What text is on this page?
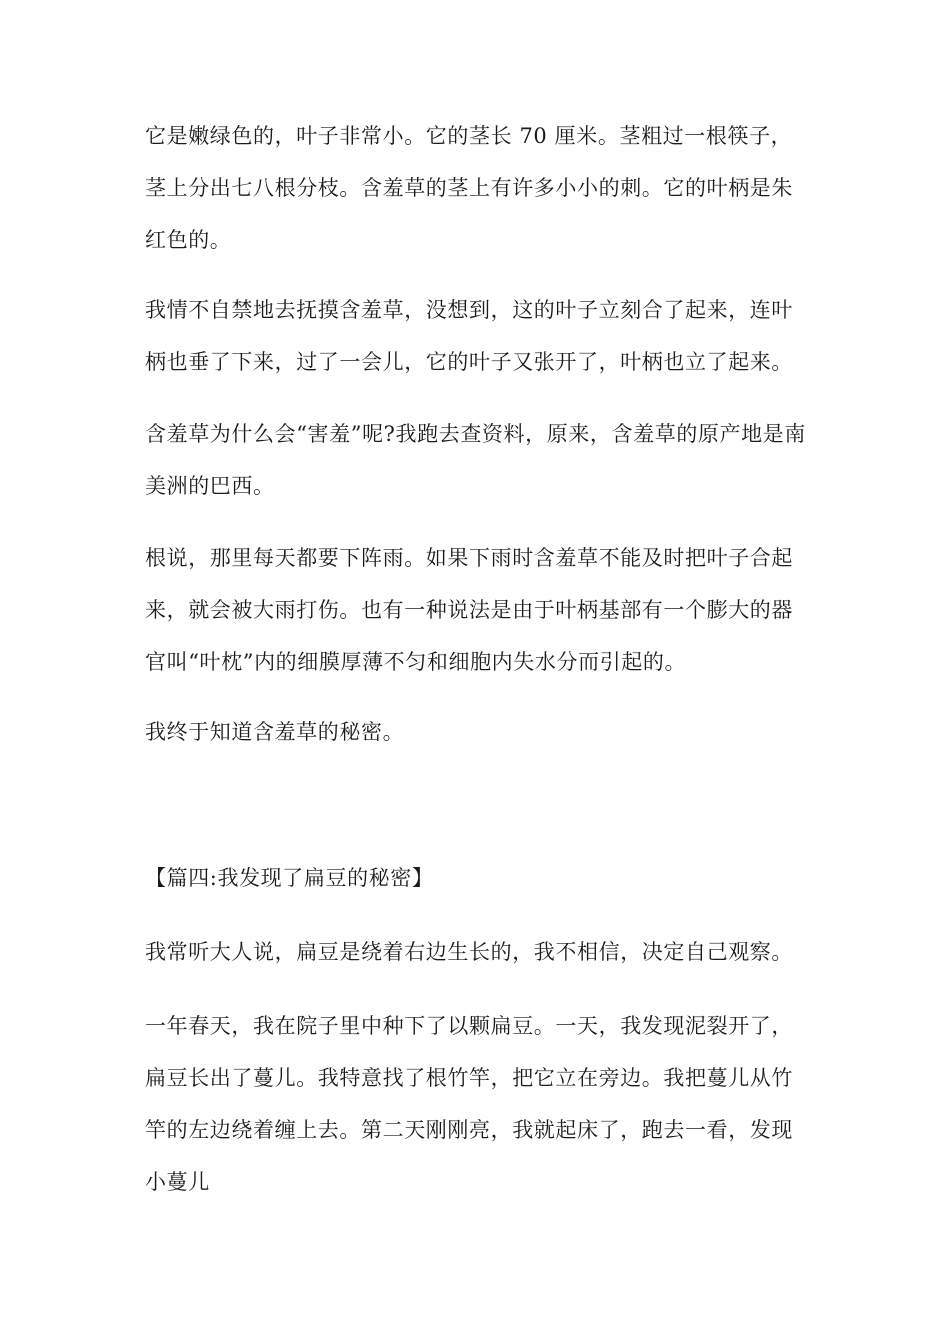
它是嫩绿色的，叶子非常小。它的茎长 70 厘米。茎粗过一根筷子，茎上分出七八根分枝。含羞草的茎上有许多小小的刺。它的叶柄是朱红色的。

我情不自禁地去抚摸含羞草，没想到，这的叶子立刻合了起来，连叶柄也垂了下来，过了一会儿，它的叶子又张开了，叶柄也立了起来。

含羞草为什么会“害羞”呢?我跑去查资料，原来，含羞草的原产地是南美洲的巴西。

根说，那里每天都要下阵雨。如果下雨时含羞草不能及时把叶子合起来，就会被大雨打伤。也有一种说法是由于叶柄基部有一个膨大的器官叫“叶枕”内的细膜厚薄不匀和细胞内失水分而引起的。

我终于知道含羞草的秘密。

【篇四:我发现了扁豆的秘密】

我常听大人说，扁豆是绕着右边生长的，我不相信，决定自己观察。

一年春天，我在院子里中种下了以颗扁豆。一天，我发现泥裂开了，扁豆长出了蔓儿。我特意找了根竹竿，把它立在旁边。我把蔓儿从竹竿的左边绕着缠上去。第二天刚刚亮，我就起床了，跑去一看，发现小蔓儿
